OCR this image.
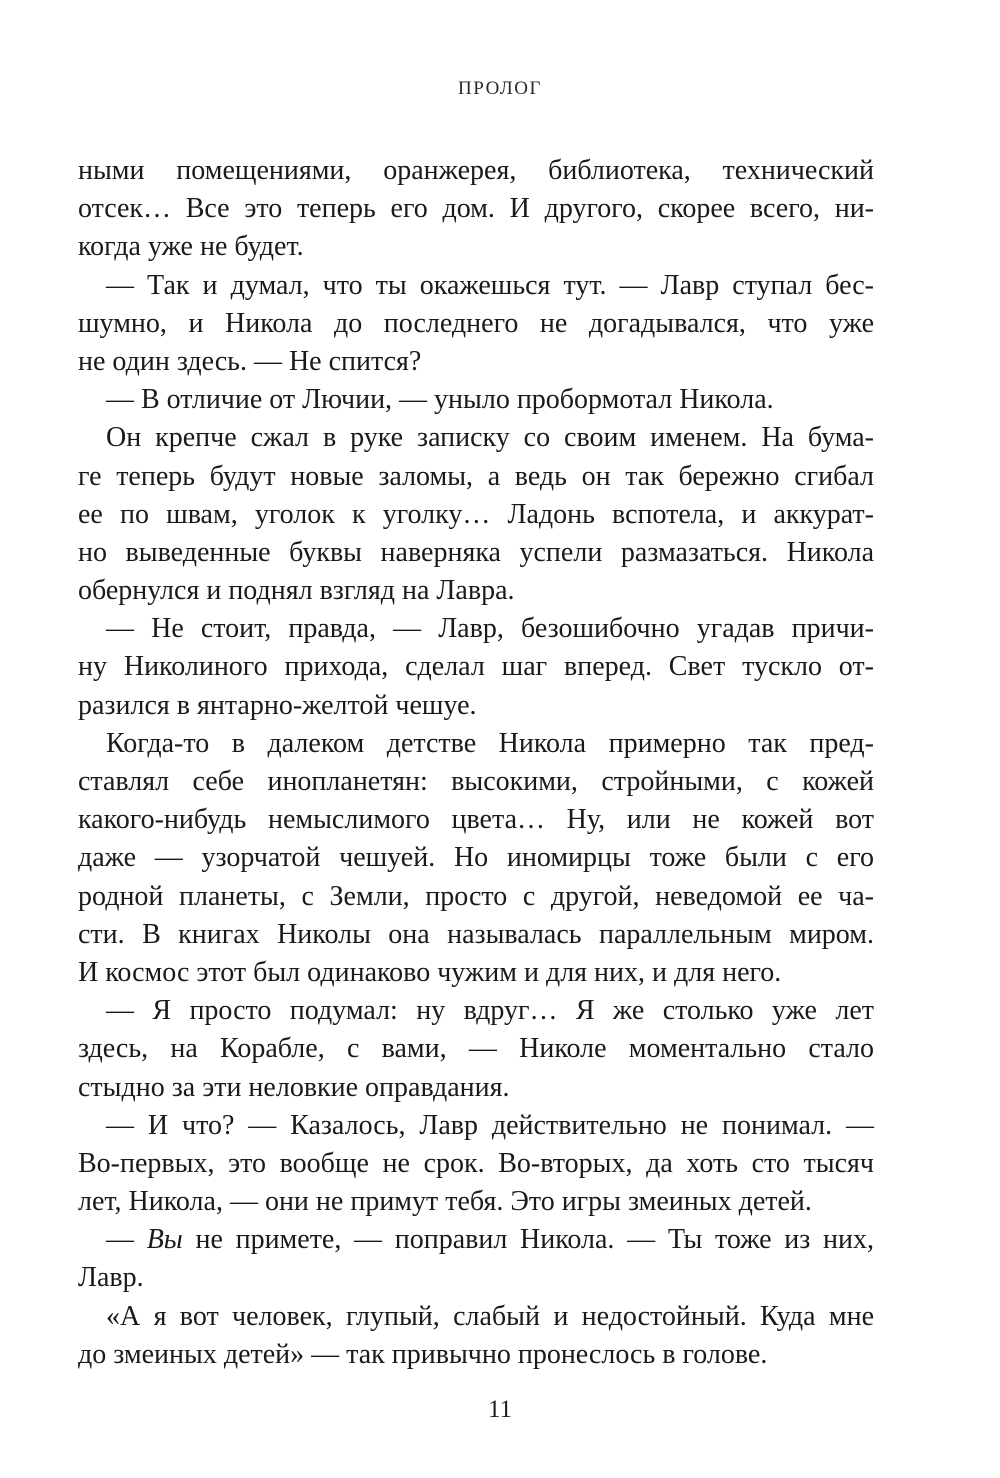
ПРОЛОГ
ными помещениями, оранжерея, библиотека, технический
отсек… Все это теперь его дом. И другого, скорее всего, ни-
когда уже не будет.
— Так и думал, что ты окажешься тут. — Лавр ступал бес-
шумно, и Никола до последнего не догадывался, что уже
не один здесь. — Не спится?
— В отличие от Лючии, — уныло пробормотал Никола.
Он крепче сжал в руке записку со своим именем. На бума-
ге теперь будут новые заломы, а ведь он так бережно сгибал
ее по швам, уголок к уголку… Ладонь вспотела, и аккурат-
но выведенные буквы наверняка успели размазаться. Никола
обернулся и поднял взгляд на Лавра.
— Не стоит, правда, — Лавр, безошибочно угадав причи-
ну Николиного прихода, сделал шаг вперед. Свет тускло от-
разился в янтарно-желтой чешуе.
Когда-то в далеком детстве Никола примерно так пред-
ставлял себе инопланетян: высокими, стройными, с кожей
какого-нибудь немыслимого цвета… Ну, или не кожей вот
даже — узорчатой чешуей. Но иномирцы тоже были с его
родной планеты, с Земли, просто с другой, неведомой ее ча-
сти. В книгах Николы она называлась параллельным миром.
И космос этот был одинаково чужим и для них, и для него.
— Я просто подумал: ну вдруг… Я же столько уже лет
здесь, на Корабле, с вами, — Николе моментально стало
стыдно за эти неловкие оправдания.
— И что? — Казалось, Лавр действительно не понимал. —
Во-первых, это вообще не срок. Во-вторых, да хоть сто тысяч
лет, Никола, — они не примут тебя. Это игры змеиных детей.
— Вы не примете, — поправил Никола. — Ты тоже из них,
Лавр.
«А я вот человек, глупый, слабый и недостойный. Куда мне
до змеиных детей» — так привычно пронеслось в голове.
11
